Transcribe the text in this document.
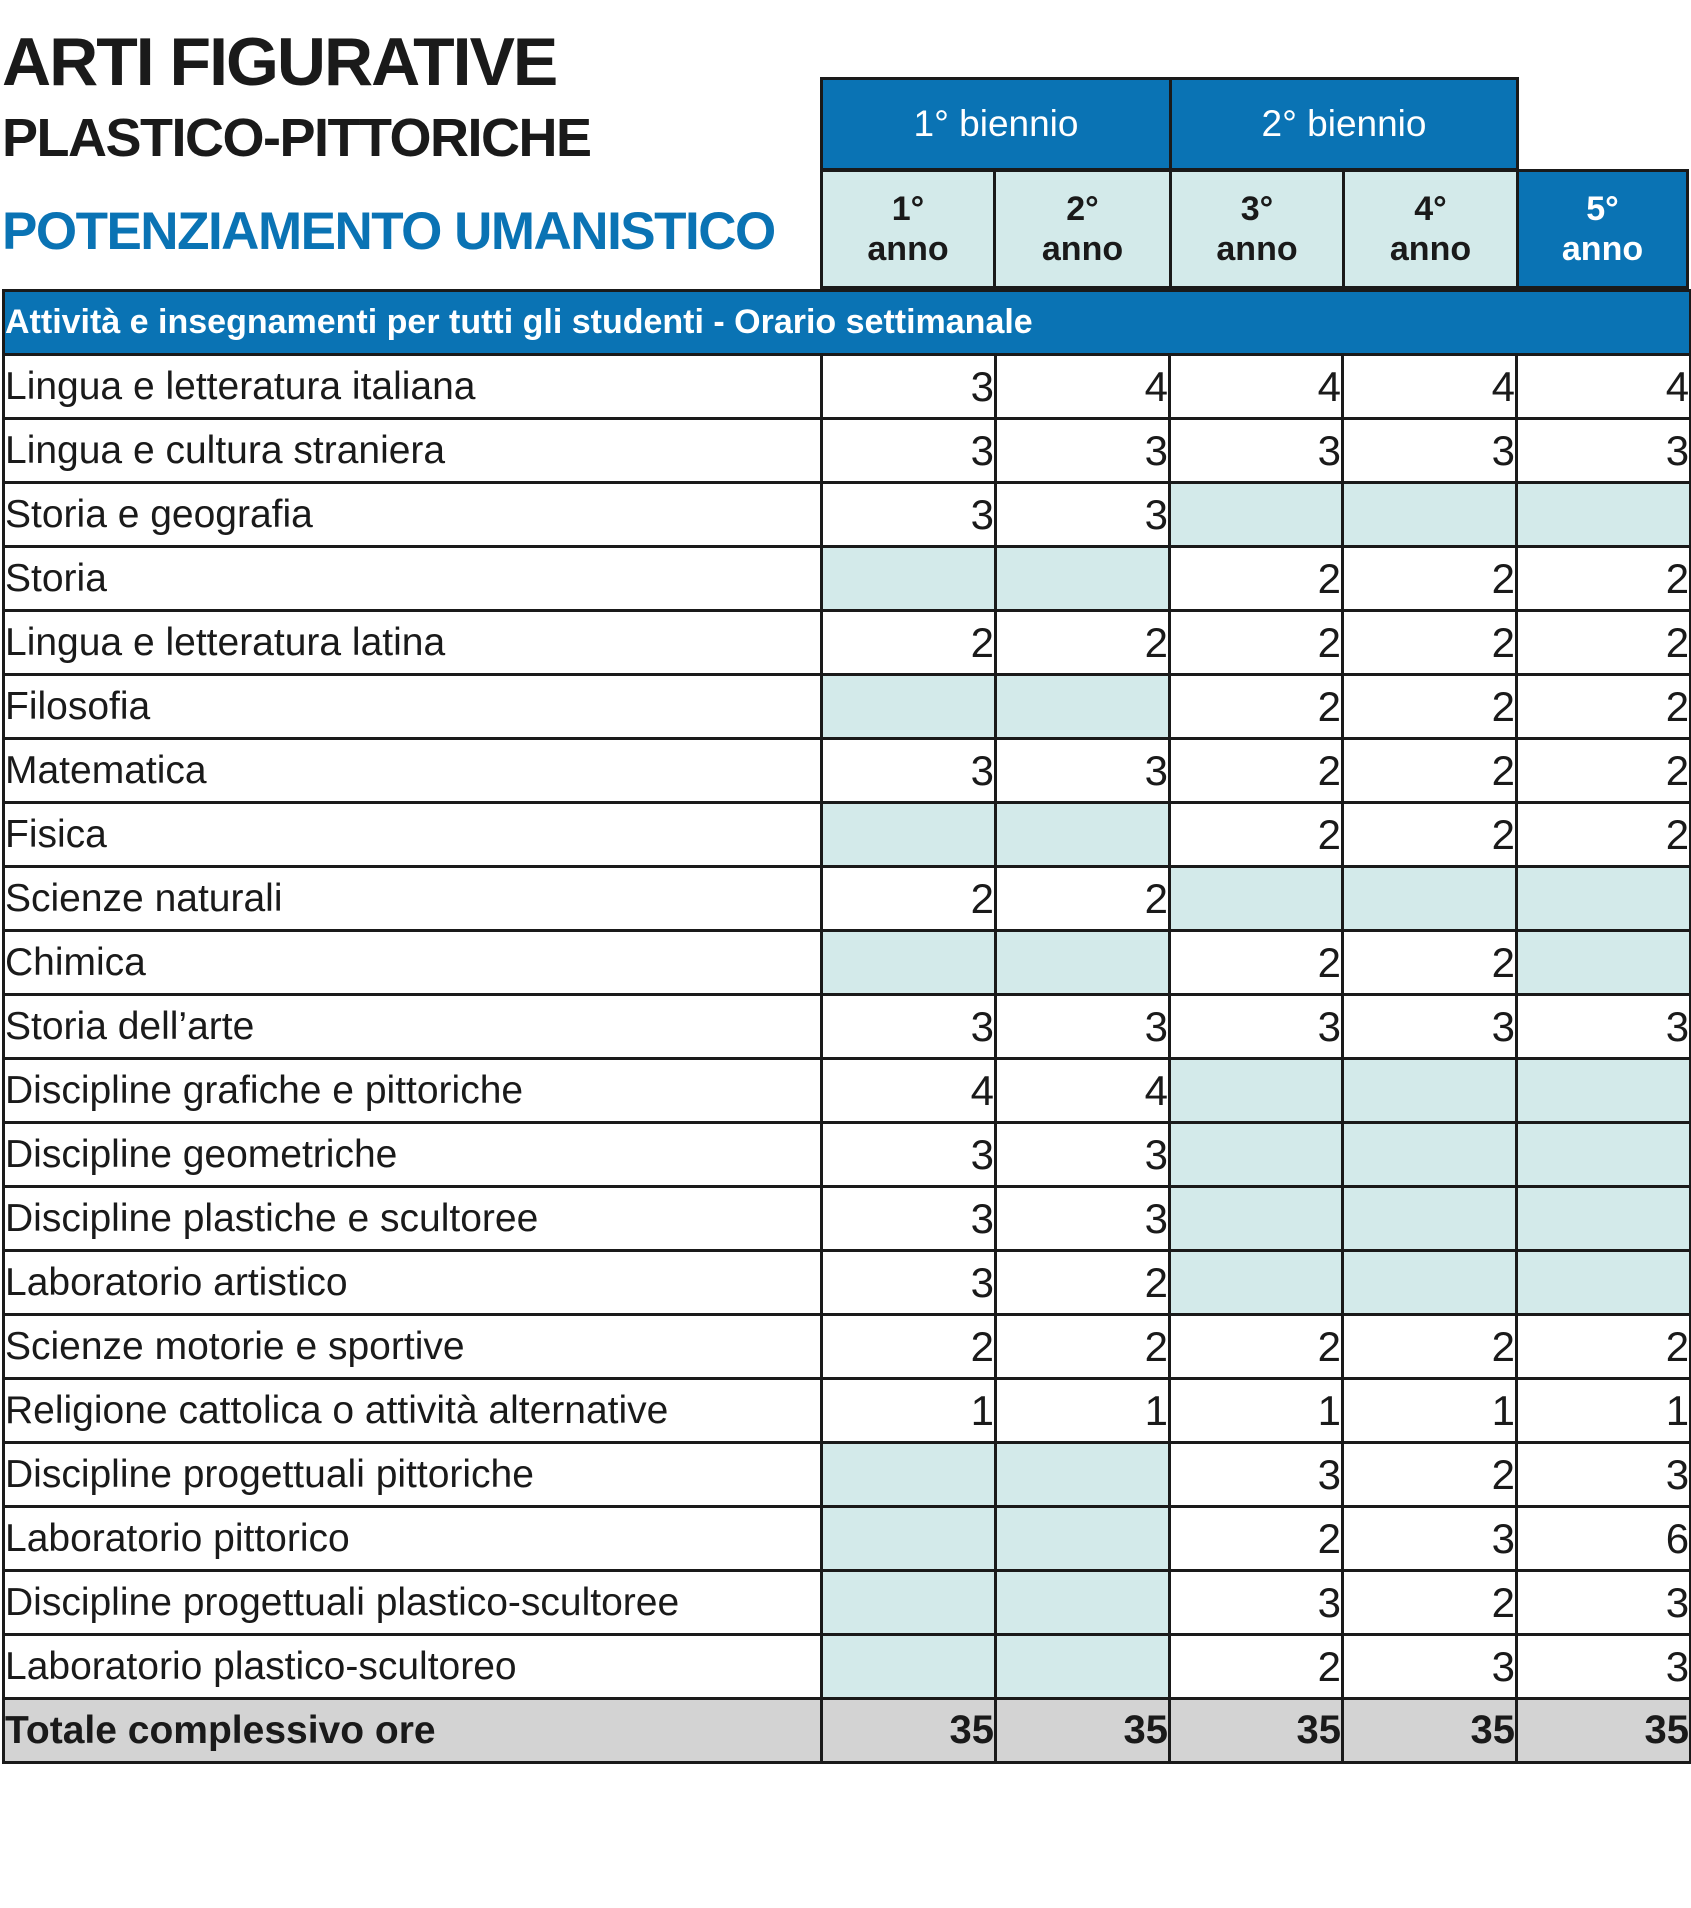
ARTI FIGURATIVE
PLASTICO-PITTORICHE
POTENZIAMENTO UMANISTICO
1° biennio	2° biennio
1°
anno
2°
anno
3°
anno
4°
anno
5°
anno
Attività e insegnamenti per tutti gli studenti - Orario settimanale					
Lingua e letteratura italiana	3	4	4	4	4
Lingua e cultura straniera	3	3	3	3	3
Storia e geografia	3	3			
Storia			2	2	2
Lingua e letteratura latina	2	2	2	2	2
Filosofia			2	2	2
Matematica	3	3	2	2	2
Fisica			2	2	2
Scienze naturali	2	2			
Chimica			2	2	
Storia dell’arte	3	3	3	3	3
Discipline grafiche e pittoriche	4	4			
Discipline geometriche	3	3			
Discipline plastiche e scultoree	3	3			
Laboratorio artistico	3	2			
Scienze motorie e sportive	2	2	2	2	2
Religione cattolica o attività alternative	1	1	1	1	1
Discipline progettuali pittoriche			3	2	3
Laboratorio pittorico			2	3	6
Discipline progettuali plastico-scultoree			3	2	3
Laboratorio plastico-scultoreo			2	3	3
Totale complessivo ore	35	35	35	35	35
